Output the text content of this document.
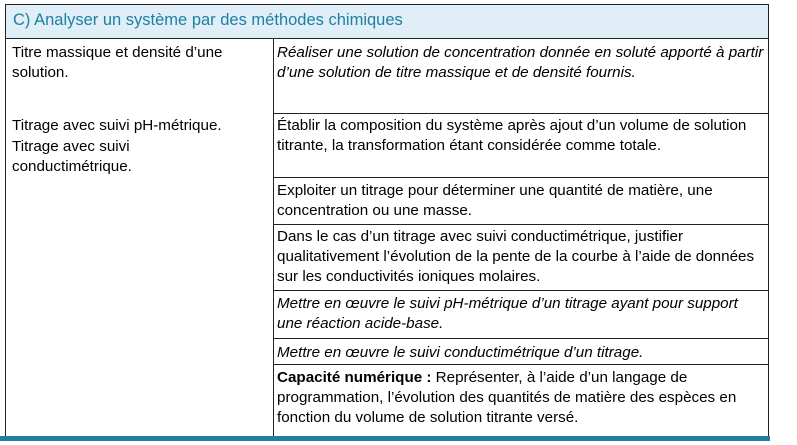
C) Analyser un système par des méthodes chimiques
Titre massique et densité d’une solution.
Titrage avec suivi pH-métrique.
Titrage avec suivi conductimétrique.
Réaliser une solution de concentration donnée en soluté apporté à partir d’une solution de titre massique et de densité fournis.
Établir la composition du système après ajout d’un volume de solution titrante, la transformation étant considérée comme totale.
Exploiter un titrage pour déterminer une quantité de matière, une concentration ou une masse.
Dans le cas d’un titrage avec suivi conductimétrique, justifier qualitativement l’évolution de la pente de la courbe à l’aide de données sur les conductivités ioniques molaires.
Mettre en œuvre le suivi pH-métrique d’un titrage ayant pour support une réaction acide-base.
Mettre en œuvre le suivi conductimétrique d’un titrage.
Capacité numérique : Représenter, à l’aide d’un langage de programmation, l’évolution des quantités de matière des espèces en fonction du volume de solution titrante versé.
